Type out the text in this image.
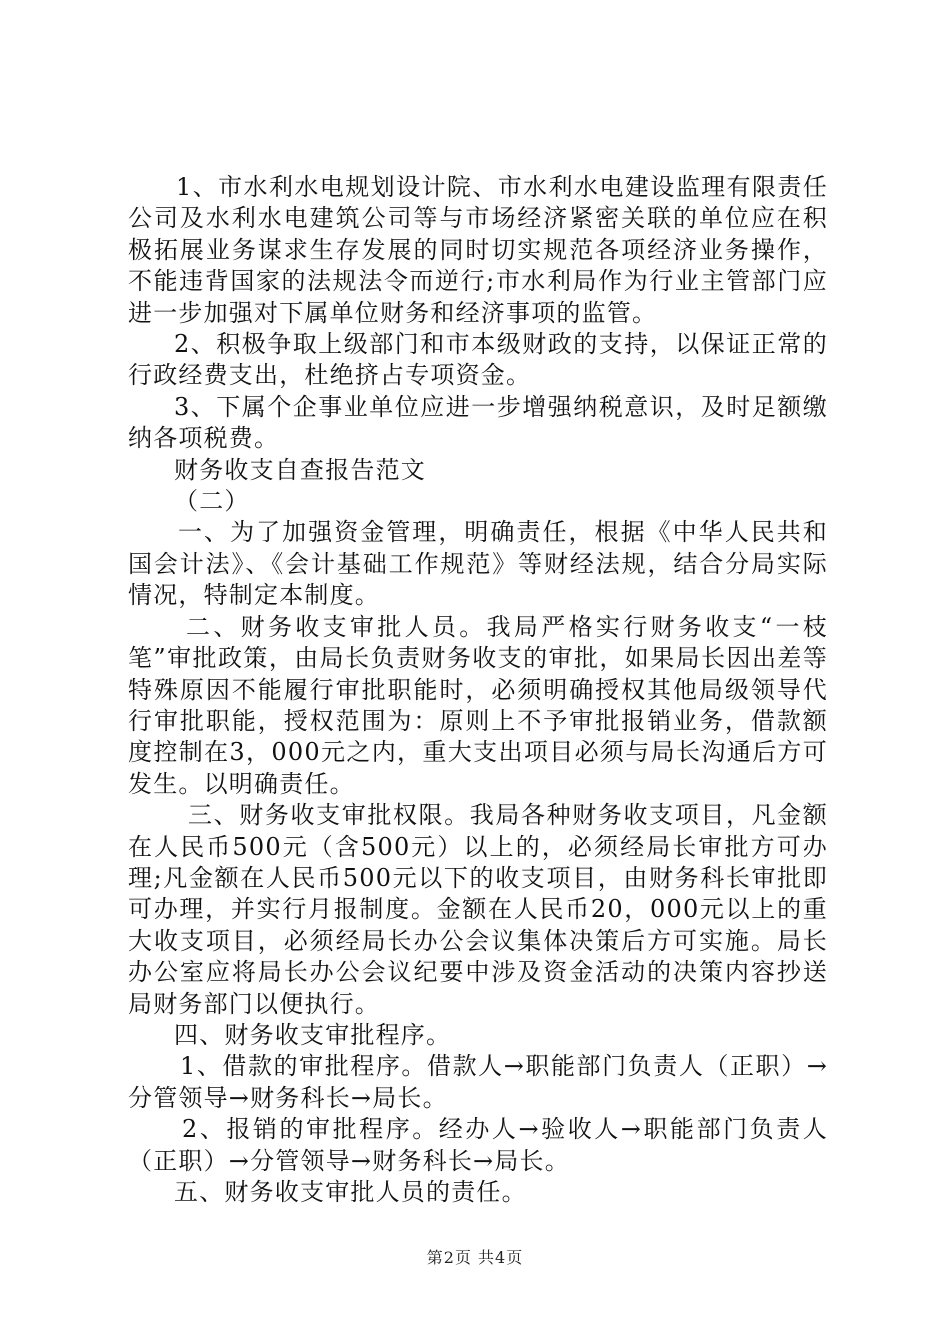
1、市水利水电规划设计院、市水利水电建设监理有限责任公司及水利水电建筑公司等与市场经济紧密关联的单位应在积极拓展业务谋求生存发展的同时切实规范各项经济业务操作，不能违背国家的法规法令而逆行;市水利局作为行业主管部门应进一步加强对下属单位财务和经济事项的监管。

2、积极争取上级部门和市本级财政的支持，以保证正常的行政经费支出，杜绝挤占专项资金。

3、下属个企事业单位应进一步增强纳税意识，及时足额缴纳各项税费。

财务收支自查报告范文

（二）

一、为了加强资金管理，明确责任，根据《中华人民共和国会计法》、《会计基础工作规范》等财经法规，结合分局实际情况，特制定本制度。

二、财务收支审批人员。我局严格实行财务收支“一枝笔”审批政策，由局长负责财务收支的审批，如果局长因出差等特殊原因不能履行审批职能时，必须明确授权其他局级领导代行审批职能，授权范围为：原则上不予审批报销业务，借款额度控制在3，000元之内，重大支出项目必须与局长沟通后方可发生。以明确责任。

三、财务收支审批权限。我局各种财务收支项目，凡金额在人民币500元（含500元）以上的，必须经局长审批方可办理;凡金额在人民币500元以下的收支项目，由财务科长审批即可办理，并实行月报制度。金额在人民币20，000元以上的重大收支项目，必须经局长办公会议集体决策后方可实施。局长办公室应将局长办公会议纪要中涉及资金活动的决策内容抄送局财务部门以便执行。

四、财务收支审批程序。

1、借款的审批程序。借款人→职能部门负责人（正职）→分管领导→财务科长→局长。

2、报销的审批程序。经办人→验收人→职能部门负责人（正职）→分管领导→财务科长→局长。

五、财务收支审批人员的责任。

第2页 共4页
